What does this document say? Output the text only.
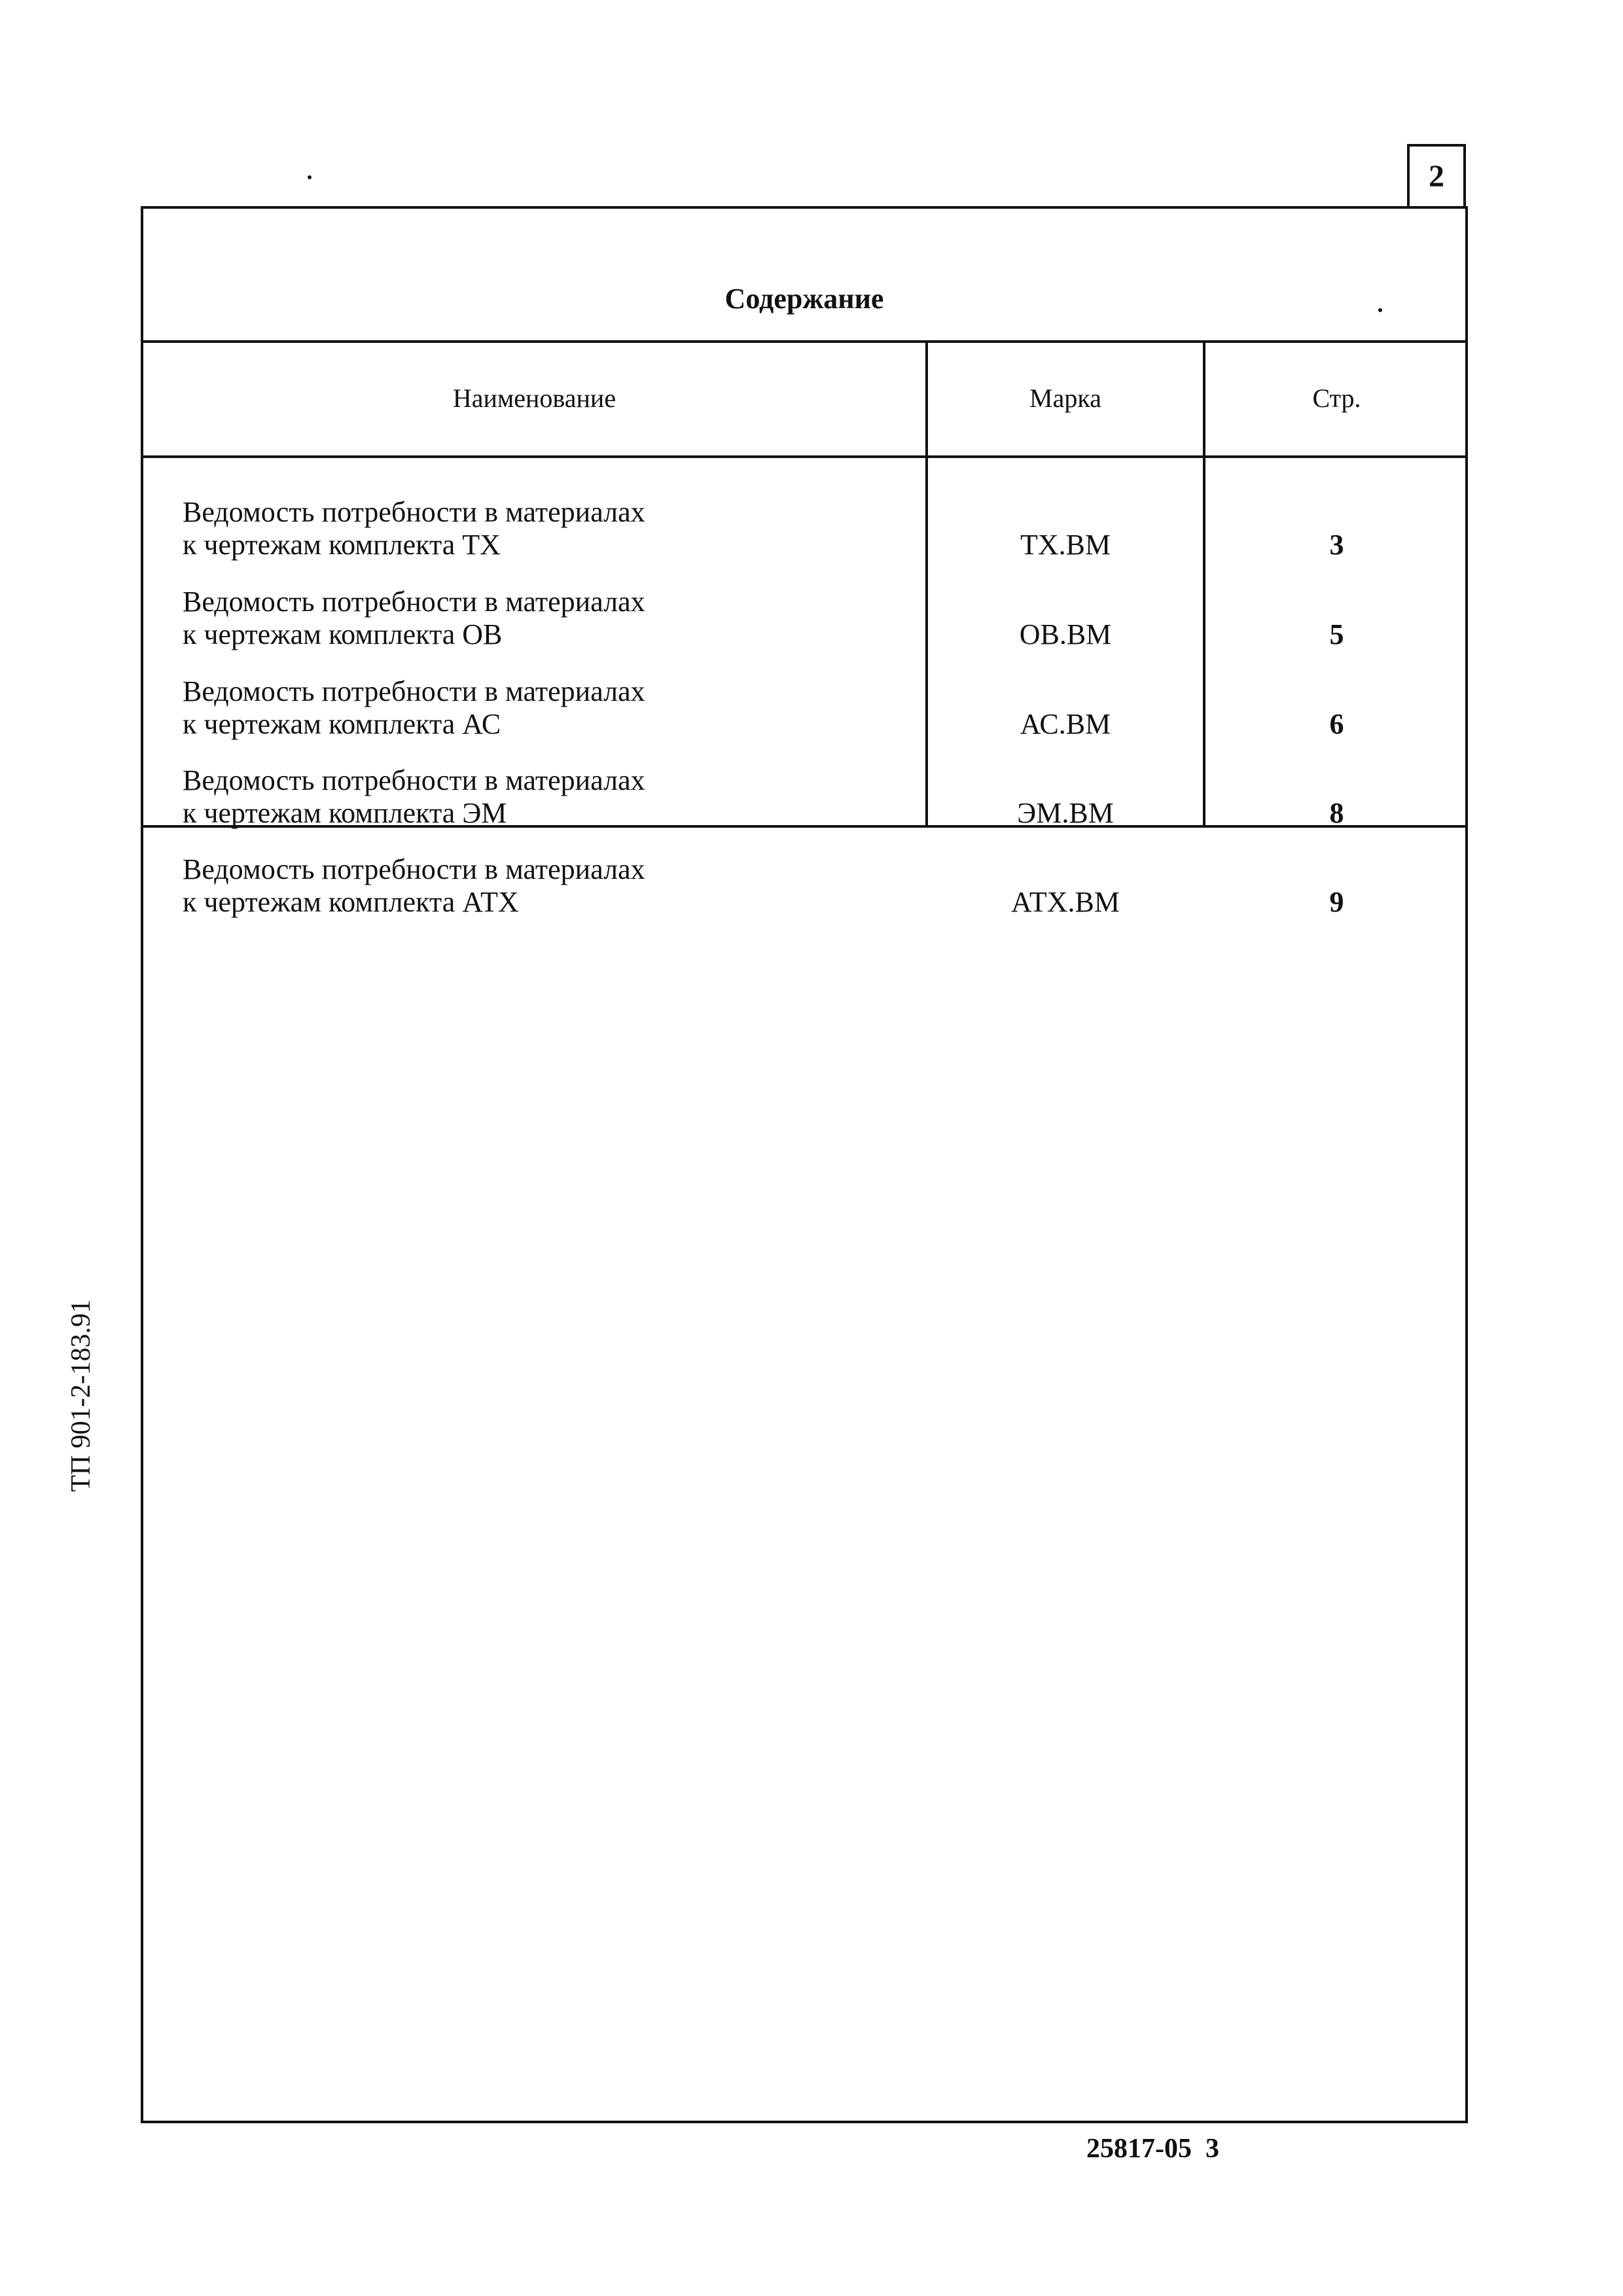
2
Содержание
Наименование	Марка	Стр.
Ведомость потребности в материалах
к чертежам комплекта ТХ	ТХ.ВМ	3
Ведомость потребности в материалах
к чертежам комплекта ОВ	ОВ.ВМ	5
Ведомость потребности в материалах
к чертежам комплекта АС	АС.ВМ	6
Ведомость потребности в материалах
к чертежам комплекта ЭМ	ЭМ.ВМ	8
Ведомость потребности в материалах
к чертежам комплекта АТХ	АТХ.ВМ	9
ТП 901-2-183.91
25817-05  3
